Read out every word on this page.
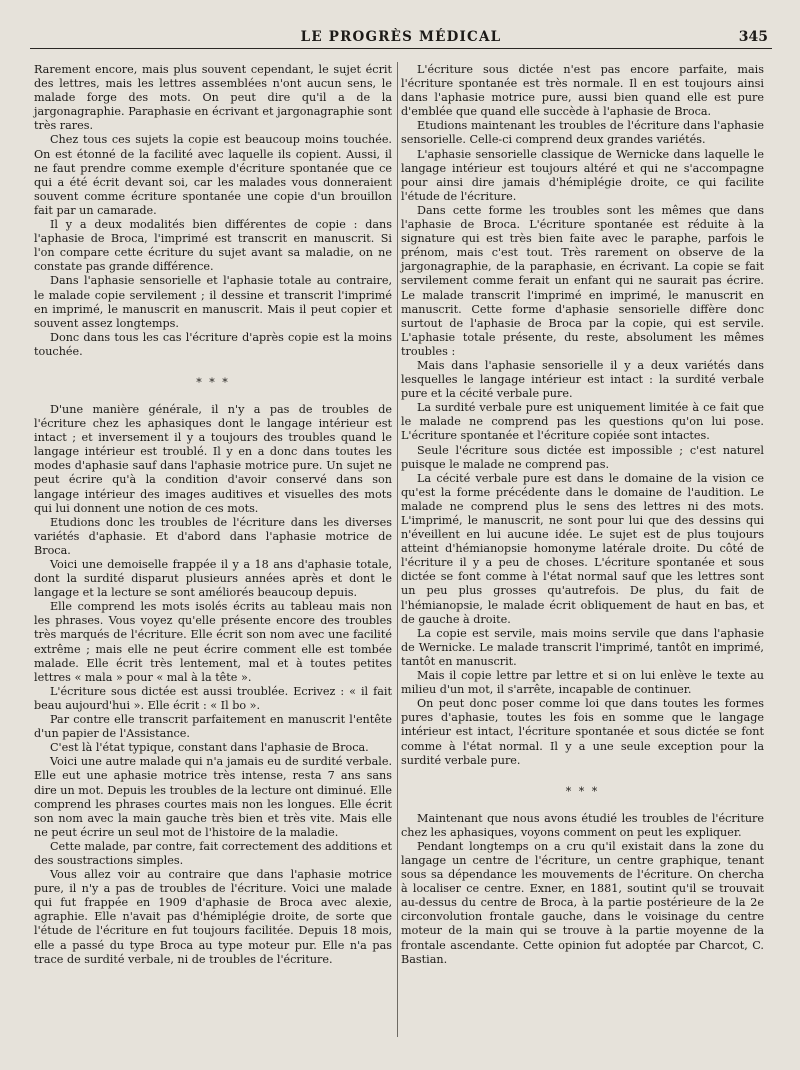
LE PROGRÈS MÉDICAL	345

Rarement encore, mais plus souvent cependant, le sujet écrit des lettres, mais les lettres assemblées n'ont aucun sens, le malade forge des mots. On peut dire qu'il a de la jargonagraphie. Paraphasie en écrivant et jargonagraphie sont très rares.

Chez tous ces sujets la copie est beaucoup moins touchée. On est étonné de la facilité avec laquelle ils copient. Aussi, il ne faut prendre comme exemple d'écriture spontanée que ce qui a été écrit devant soi, car les malades vous donneraient souvent comme écriture spontanée une copie d'un brouillon fait par un camarade.

Il y a deux modalités bien différentes de copie : dans l'aphasie de Broca, l'imprimé est transcrit en manuscrit. Si l'on compare cette écriture du sujet avant sa maladie, on ne constate pas grande différence.

Dans l'aphasie sensorielle et l'aphasie totale au contraire, le malade copie servilement ; il dessine et transcrit l'imprimé en imprimé, le manuscrit en manuscrit. Mais il peut copier et souvent assez longtemps.

Donc dans tous les cas l'écriture d'après copie est la moins touchée.

* * *

D'une manière générale, il n'y a pas de troubles de l'écriture chez les aphasiques dont le langage intérieur est intact ; et inversement il y a toujours des troubles quand le langage intérieur est troublé. Il y en a donc dans toutes les modes d'aphasie sauf dans l'aphasie motrice pure. Un sujet ne peut écrire qu'à la condition d'avoir conservé dans son langage intérieur des images auditives et visuelles des mots qui lui donnent une notion de ces mots.

Etudions donc les troubles de l'écriture dans les diverses variétés d'aphasie. Et d'abord dans l'aphasie motrice de Broca.

Voici une demoiselle frappée il y a 18 ans d'aphasie totale, dont la surdité disparut plusieurs années après et dont le langage et la lecture se sont améliorés beaucoup depuis.

Elle comprend les mots isolés écrits au tableau mais non les phrases. Vous voyez qu'elle présente encore des troubles très marqués de l'écriture. Elle écrit son nom avec une facilité extrême ; mais elle ne peut écrire comment elle est tombée malade. Elle écrit très lentement, mal et à toutes petites lettres « mala » pour « mal à la tête ».

L'écriture sous dictée est aussi troublée. Ecrivez : « il fait beau aujourd'hui ». Elle écrit : « Il bo ».

Par contre elle transcrit parfaitement en manuscrit l'entête d'un papier de l'Assistance.

C'est là l'état typique, constant dans l'aphasie de Broca.

Voici une autre malade qui n'a jamais eu de surdité verbale. Elle eut une aphasie motrice très intense, resta 7 ans sans dire un mot. Depuis les troubles de la lecture ont diminué. Elle comprend les phrases courtes mais non les longues. Elle écrit son nom avec la main gauche très bien et très vite. Mais elle ne peut écrire un seul mot de l'histoire de la maladie.

Cette malade, par contre, fait correctement des additions et des soustractions simples.

Vous allez voir au contraire que dans l'aphasie motrice pure, il n'y a pas de troubles de l'écriture. Voici une malade qui fut frappée en 1909 d'aphasie de Broca avec alexie, agraphie. Elle n'avait pas d'hémiplégie droite, de sorte que l'étude de l'écriture en fut toujours facilitée. Depuis 18 mois, elle a passé du type Broca au type moteur pur. Elle n'a pas trace de surdité verbale, ni de troubles de l'écriture.

L'écriture sous dictée n'est pas encore parfaite, mais l'écriture spontanée est très normale. Il en est toujours ainsi dans l'aphasie motrice pure, aussi bien quand elle est pure d'emblée que quand elle succède à l'aphasie de Broca.

Etudions maintenant les troubles de l'écriture dans l'aphasie sensorielle. Celle-ci comprend deux grandes variétés.

L'aphasie sensorielle classique de Wernicke dans laquelle le langage intérieur est toujours altéré et qui ne s'accompagne pour ainsi dire jamais d'hémiplégie droite, ce qui facilite l'étude de l'écriture.

Dans cette forme les troubles sont les mêmes que dans l'aphasie de Broca. L'écriture spontanée est réduite à la signature qui est très bien faite avec le paraphe, parfois le prénom, mais c'est tout. Très rarement on observe de la jargonagraphie, de la paraphasie, en écrivant. La copie se fait servilement comme ferait un enfant qui ne saurait pas écrire. Le malade transcrit l'imprimé en imprimé, le manuscrit en manuscrit. Cette forme d'aphasie sensorielle diffère donc surtout de l'aphasie de Broca par la copie, qui est servile. L'aphasie totale présente, du reste, absolument les mêmes troubles :

Mais dans l'aphasie sensorielle il y a deux variétés dans lesquelles le langage intérieur est intact : la surdité verbale pure et la cécité verbale pure.

La surdité verbale pure est uniquement limitée à ce fait que le malade ne comprend pas les questions qu'on lui pose. L'écriture spontanée et l'écriture copiée sont intactes.

Seule l'écriture sous dictée est impossible ; c'est naturel puisque le malade ne comprend pas.

La cécité verbale pure est dans le domaine de la vision ce qu'est la forme précédente dans le domaine de l'audition. Le malade ne comprend plus le sens des lettres ni des mots. L'imprimé, le manuscrit, ne sont pour lui que des dessins qui n'éveillent en lui aucune idée. Le sujet est de plus toujours atteint d'hémianopsie homonyme latérale droite. Du côté de l'écriture il y a peu de choses. L'écriture spontanée et sous dictée se font comme à l'état normal sauf que les lettres sont un peu plus grosses qu'autrefois. De plus, du fait de l'hémianopsie, le malade écrit obliquement de haut en bas, et de gauche à droite.

La copie est servile, mais moins servile que dans l'aphasie de Wernicke. Le malade transcrit l'imprimé, tantôt en imprimé, tantôt en manuscrit.

Mais il copie lettre par lettre et si on lui enlève le texte au milieu d'un mot, il s'arrête, incapable de continuer.

On peut donc poser comme loi que dans toutes les formes pures d'aphasie, toutes les fois en somme que le langage intérieur est intact, l'écriture spontanée et sous dictée se font comme à l'état normal. Il y a une seule exception pour la surdité verbale pure.

* * *

Maintenant que nous avons étudié les troubles de l'écriture chez les aphasiques, voyons comment on peut les expliquer.

Pendant longtemps on a cru qu'il existait dans la zone du langage un centre de l'écriture, un centre graphique, tenant sous sa dépendance les mouvements de l'écriture. On chercha à localiser ce centre. Exner, en 1881, soutint qu'il se trouvait au-dessus du centre de Broca, à la partie postérieure de la 2e circonvolution frontale gauche, dans le voisinage du centre moteur de la main qui se trouve à la partie moyenne de la frontale ascendante. Cette opinion fut adoptée par Charcot, C. Bastian.
